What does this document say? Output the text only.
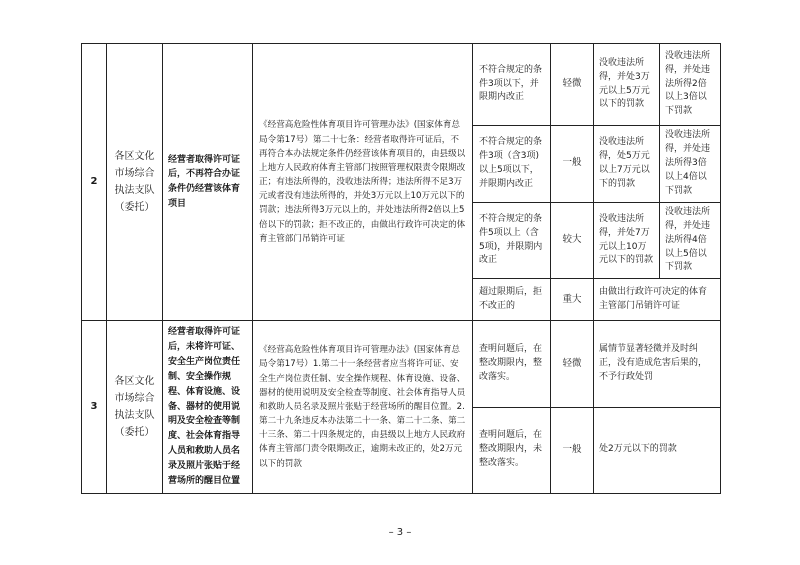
2	各区文化市场综合执法支队（委托）	经营者取得许可证后，不再符合办证条件仍经营该体育项目	《经营高危险性体育项目许可管理办法》(国家体育总局令第17号）第二十七条：经营者取得许可证后，不再符合本办法规定条件仍经营该体育项目的，由县级以上地方人民政府体育主管部门按照管理权限责令限期改正；有违法所得的，没收违法所得；违法所得不足3万元或者没有违法所得的，并处3万元以上10万元以下的罚款；违法所得3万元以上的，并处违法所得2倍以上5倍以下的罚款；拒不改正的，由做出行政许可决定的体育主管部门吊销许可证	不符合规定的条件3项以下，并限期内改正	轻微	没收违法所得，并处3万元以上5万元以下的罚款	没收违法所得，并处违法所得2倍以上3倍以下罚款
				不符合规定的条件3项（含3项)以上5项以下，并限期内改正	一般	没收违法所得，处5万元以上7万元以下的罚款	没收违法所得，并处违法所得3倍以上4倍以下罚款
				不符合规定的条件5项以上（含5项)，并限期内改正	较大	没收违法所得，并处7万元以上10万元以下的罚款	没收违法所得，并处违法所得4倍以上5倍以下罚款
				超过限期后，拒不改正的	重大	由做出行政许可决定的体育主管部门吊销许可证	
3	各区文化市场综合执法支队（委托）	经营者取得许可证后，未将许可证、安全生产岗位责任制、安全操作规程、体育设施、设备、器材的使用说明及安全检查等制度、社会体育指导人员和救助人员名录及照片张贴于经营场所的醒目位置	《经营高危险性体育项目许可管理办法》(国家体育总局令第17号）1.第二十一条经营者应当将许可证、安全生产岗位责任制、安全操作规程、体育设施、设备、器材的使用说明及安全检查等制度、社会体育指导人员和救助人员名录及照片张贴于经营场所的醒目位置。2.第二十九条违反本办法第二十一条、第二十二条、第二十三条、第二十四条规定的，由县级以上地方人民政府体育主管部门责令限期改正，逾期未改正的，处2万元以下的罚款	查明问题后，在整改期限内，整改落实。	轻微	属情节显著轻微并及时纠正，没有造成危害后果的，不予行政处罚	
				查明问题后，在整改期限内，未整改落实。	一般	处2万元以下的罚款	
– 3 –
